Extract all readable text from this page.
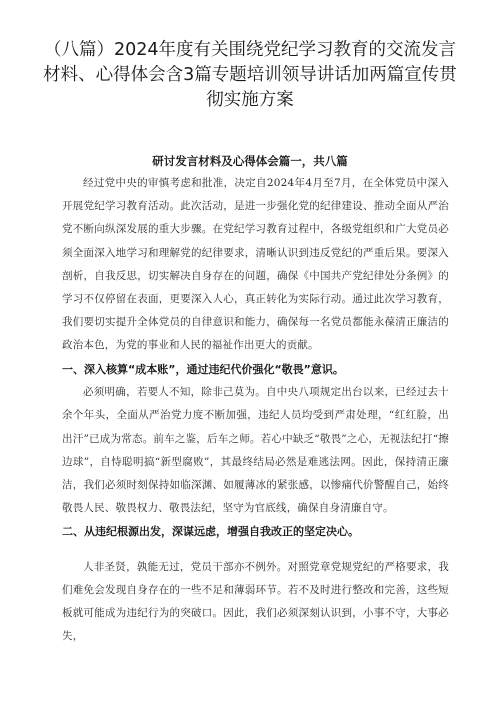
（八篇）2024年度有关围绕党纪学习教育的交流发言材料、心得体会含3篇专题培训领导讲话加两篇宣传贯彻实施方案
研讨发言材料及心得体会篇一，共八篇

经过党中央的审慎考虑和批准，决定自2024年4月至7月，在全体党员中深入开展党纪学习教育活动。此次活动，是进一步强化党的纪律建设、推动全面从严治党不断向纵深发展的重大步骤。在党纪学习教育过程中，各级党组织和广大党员必须全面深入地学习和理解党的纪律要求，清晰认识到违反党纪的严重后果。要深入剖析，自我反思，切实解决自身存在的问题，确保《中国共产党纪律处分条例》的学习不仅停留在表面，更要深入人心，真正转化为实际行动。通过此次学习教育，我们要切实提升全体党员的自律意识和能力，确保每一名党员都能永葆清正廉洁的政治本色，为党的事业和人民的福祉作出更大的贡献。

一、深入核算“成本账”，通过违纪代价强化“敬畏”意识。

必须明确，若要人不知，除非己莫为。自中央八项规定出台以来，已经过去十余个年头，全面从严治党力度不断加强，违纪人员均受到严肃处理，“红红脸，出出汗”已成为常态。前车之鉴，后车之师。若心中缺乏“敬畏”之心，无视法纪打“擦边球”，自恃聪明搞“新型腐败”，其最终结局必然是难逃法网。因此，保持清正廉洁，我们必须时刻保持如临深渊、如履薄冰的紧张感，以惨痛代价警醒自己，始终敬畏人民、敬畏权力、敬畏法纪，坚守为官底线，确保自身清廉自守。

二、从违纪根源出发，深谋远虑，增强自我改正的坚定决心。

人非圣贤，孰能无过，党员干部亦不例外。对照党章党规党纪的严格要求，我们难免会发现自身存在的一些不足和薄弱环节。若不及时进行整改和完善，这些短板就可能成为违纪行为的突破口。因此，我们必须深刻认识到，小事不守，大事必失，
